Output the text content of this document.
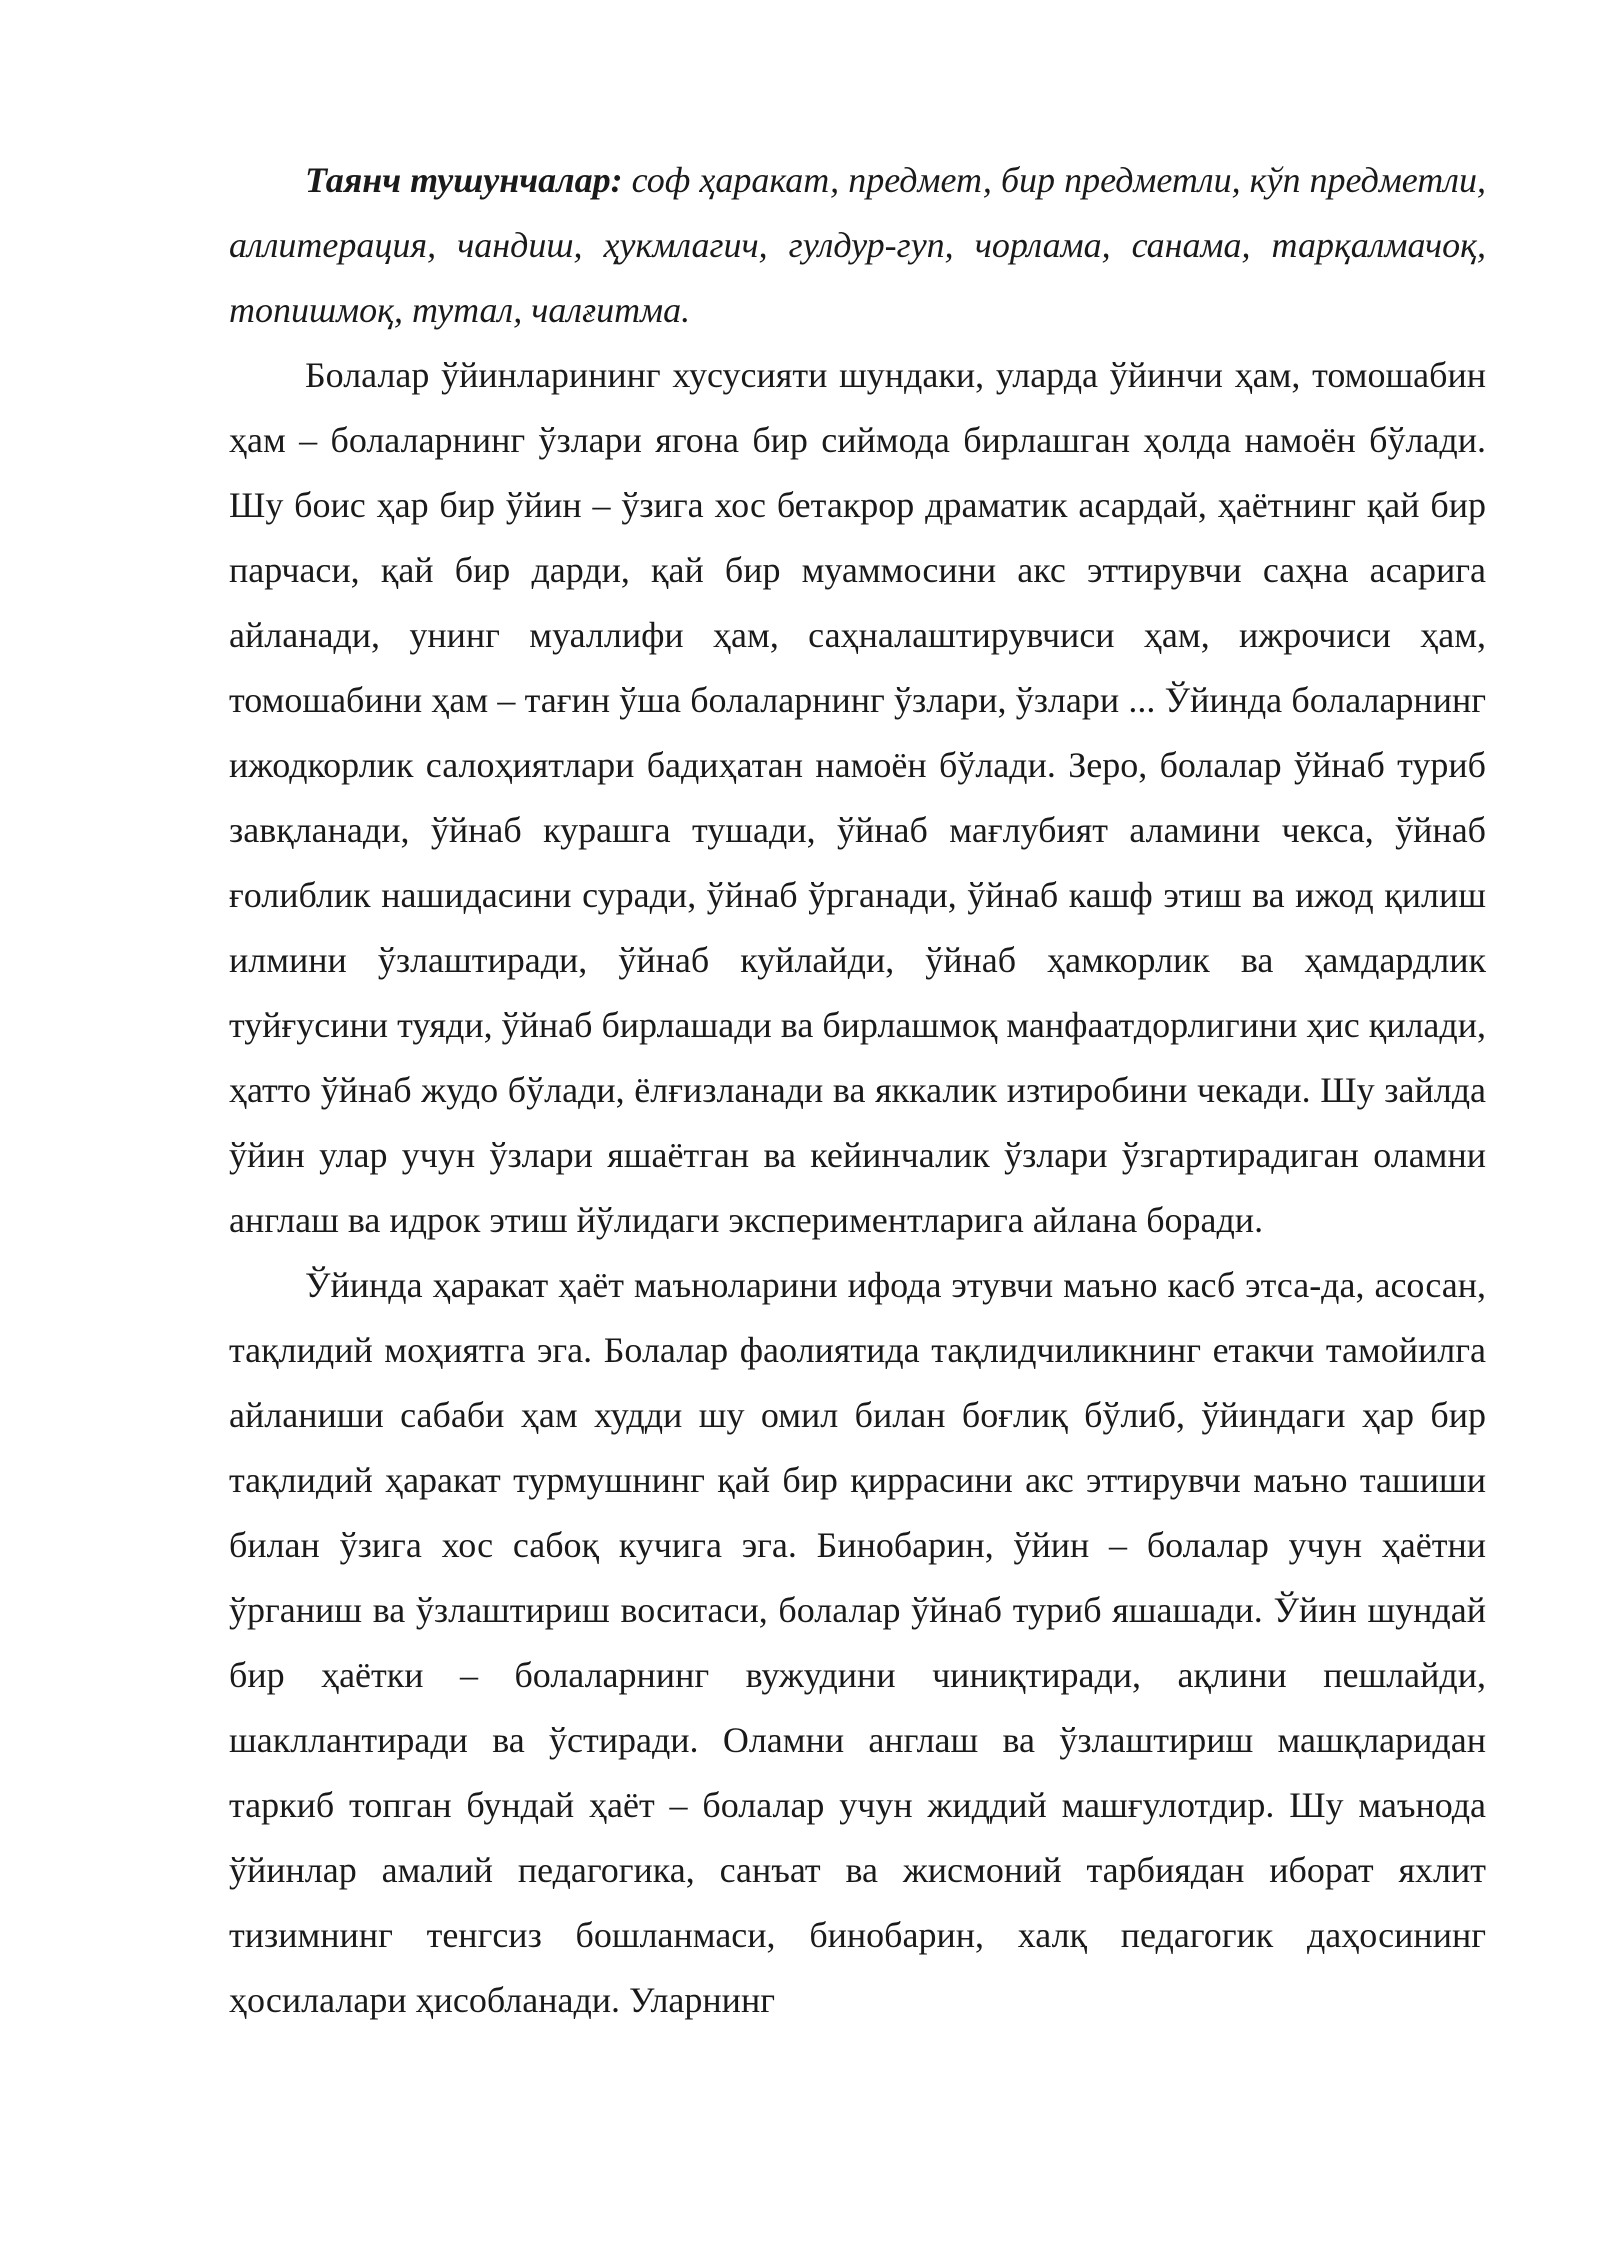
Таянч тушунчалар: соф ҳаракат, предмет, бир предметли, кўп предметли, аллитерация, чандиш, ҳукмлагич, гулдур-гуп, чорлама, санама, тарқалмачоқ, топишмоқ, тутал, чалғитма.

Болалар ўйинларининг хусусияти шундаки, уларда ўйинчи ҳам, томошабин ҳам – болаларнинг ўзлари ягона бир сиймода бирлашган ҳолда намоён бўлади. Шу боис ҳар бир ўйин – ўзига хос бетакрор драматик асардай, ҳаётнинг қай бир парчаси, қай бир дарди, қай бир муаммосини акс эттирувчи саҳна асарига айланади, унинг муаллифи ҳам, саҳналаштирувчиси ҳам, ижрочиси ҳам, томошабини ҳам – тағин ўша болаларнинг ўзлари, ўзлари ... Ўйинда болаларнинг ижодкорлик салоҳиятлари бадиҳатан намоён бўлади. Зеро, болалар ўйнаб туриб завқланади, ўйнаб курашга тушади, ўйнаб мағлубият аламини чекса, ўйнаб ғолиблик нашидасини суради, ўйнаб ўрганади, ўйнаб кашф этиш ва ижод қилиш илмини ўзлаштиради, ўйнаб куйлайди, ўйнаб ҳамкорлик ва ҳамдардлик туйғусини туяди, ўйнаб бирлашади ва бирлашмоқ манфаатдорлигини ҳис қилади, ҳатто ўйнаб жудо бўлади, ёлғизланади ва яккалик изтиробини чекади. Шу зайлда ўйин улар учун ўзлари яшаётган ва кейинчалик ўзлари ўзгартирадиган оламни англаш ва идрок этиш йўлидаги экспериментларига айлана боради.

Ўйинда ҳаракат ҳаёт маъноларини ифода этувчи маъно касб этса-да, асосан, тақлидий моҳиятга эга. Болалар фаолиятида тақлидчиликнинг етакчи тамойилга айланиши сабаби ҳам худди шу омил билан боғлиқ бўлиб, ўйиндаги ҳар бир тақлидий ҳаракат турмушнинг қай бир қиррасини акс эттирувчи маъно ташиши билан ўзига хос сабоқ кучига эга. Бинобарин, ўйин – болалар учун ҳаётни ўрганиш ва ўзлаштириш воситаси, болалар ўйнаб туриб яшашади. Ўйин шундай бир ҳаётки – болаларнинг вужудини чиниқтиради, ақлини пешлайди, шакллантиради ва ўстиради. Оламни англаш ва ўзлаштириш машқларидан таркиб топган бундай ҳаёт – болалар учун жиддий машғулотдир. Шу маънода ўйинлар амалий педагогика, санъат ва жисмоний тарбиядан иборат яхлит тизимнинг тенгсиз бошланмаси, бинобарин, халқ педагогик даҳосининг ҳосилалари ҳисобланади. Уларнинг
